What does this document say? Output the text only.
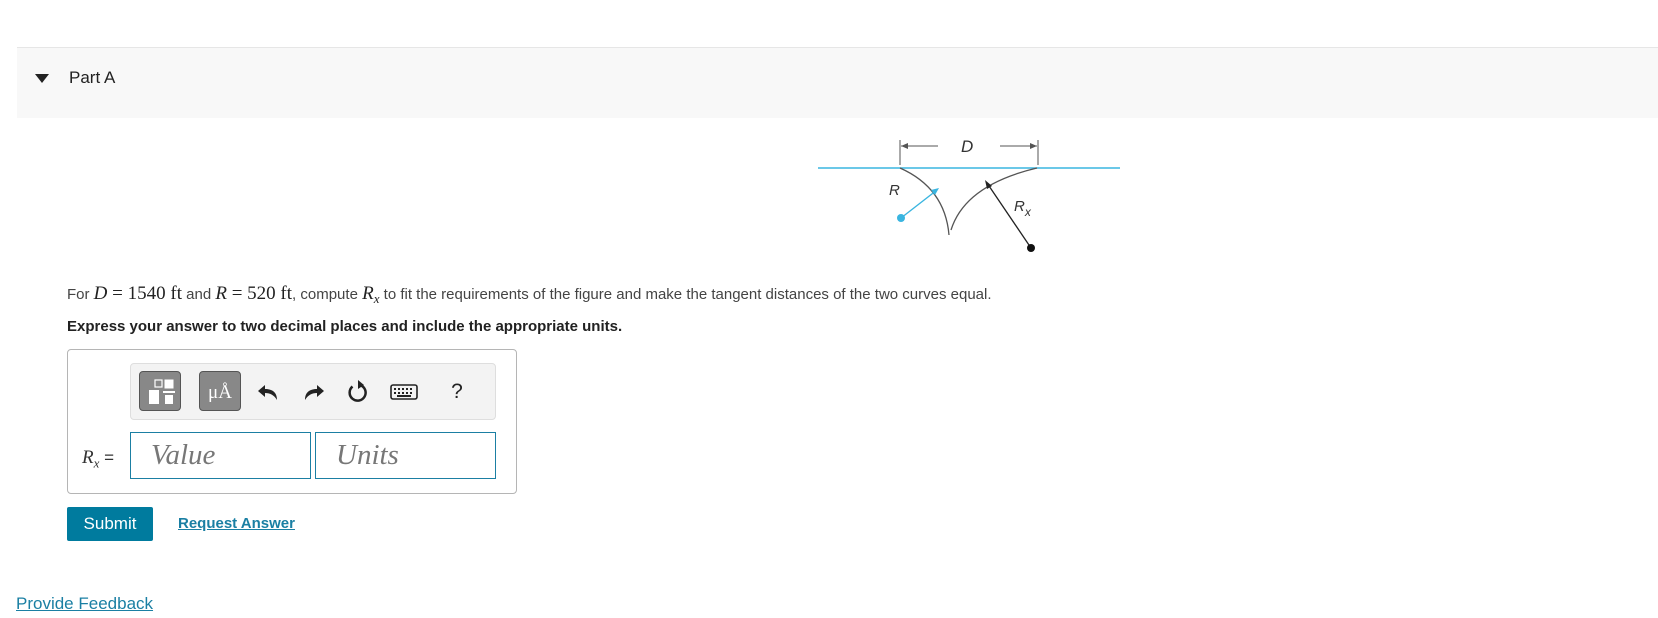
Part A
D
R
$R_x$
For D = 1540 ft and R = 520 ft, compute $R_x$ to fit the requirements of the figure and make the tangent distances of the two curves equal.
Express your answer to two decimal places and include the appropriate units.
μÅ	?
$R_x$ =
Value
Units
Submit	Request Answer
Provide Feedback
